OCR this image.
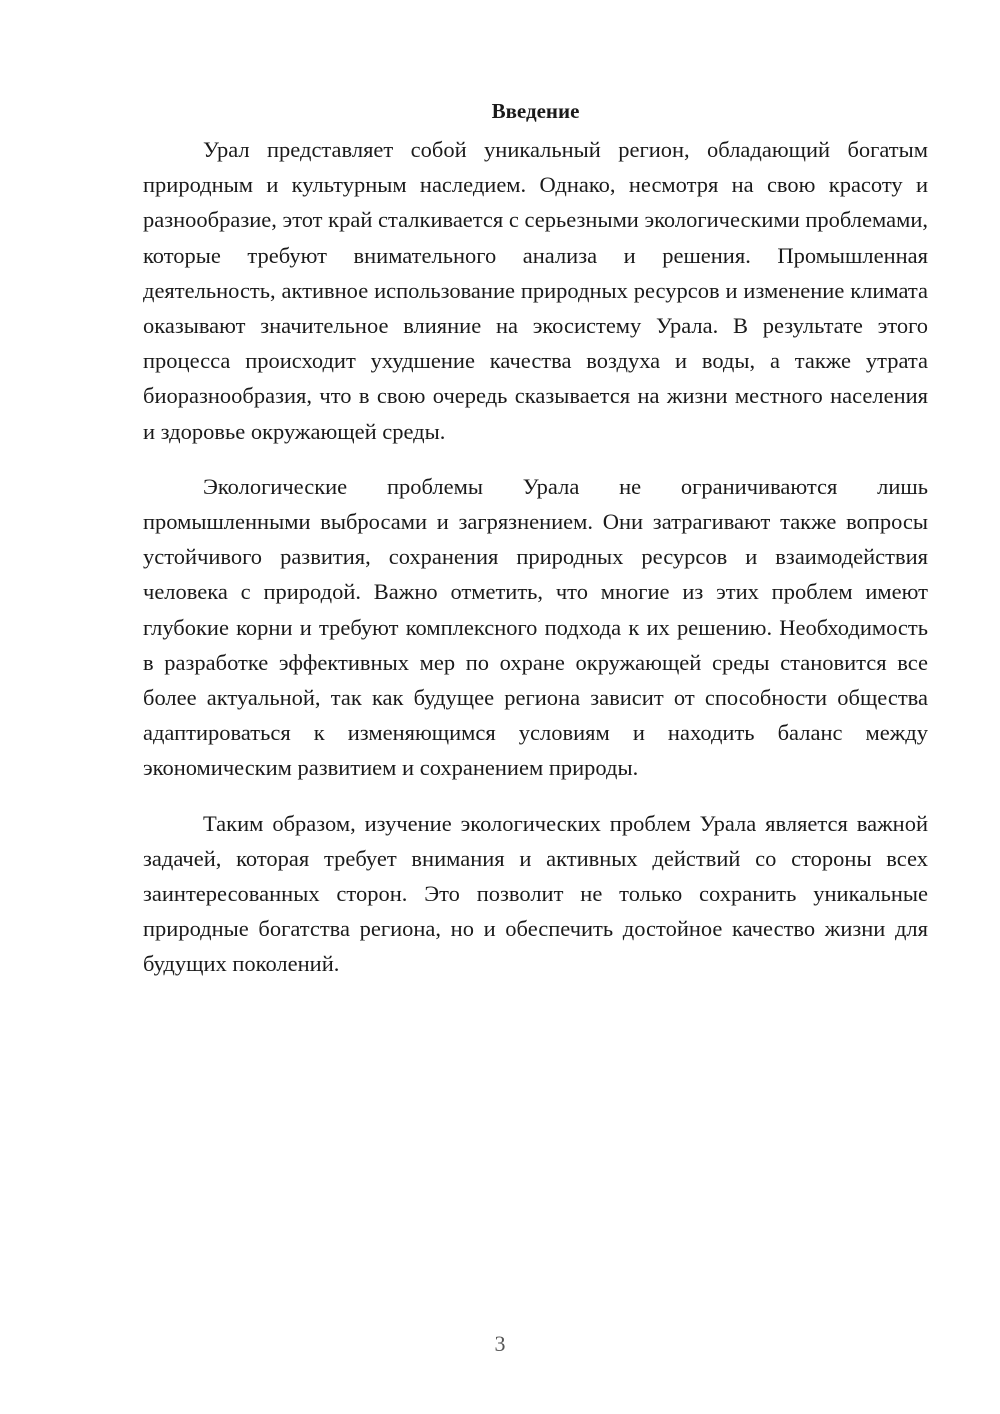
Введение

Урал представляет собой уникальный регион, обладающий богатым природным и культурным наследием. Однако, несмотря на свою красоту и разнообразие, этот край сталкивается с серьезными экологическими проблемами, которые требуют внимательного анализа и решения. Промышленная деятельность, активное использование природных ресурсов и изменение климата оказывают значительное влияние на экосистему Урала. В результате этого процесса происходит ухудшение качества воздуха и воды, а также утрата биоразнообразия, что в свою очередь сказывается на жизни местного населения и здоровье окружающей среды.

Экологические проблемы Урала не ограничиваются лишь промышленными выбросами и загрязнением. Они затрагивают также вопросы устойчивого развития, сохранения природных ресурсов и взаимодействия человека с природой. Важно отметить, что многие из этих проблем имеют глубокие корни и требуют комплексного подхода к их решению. Необходимость в разработке эффективных мер по охране окружающей среды становится все более актуальной, так как будущее региона зависит от способности общества адаптироваться к изменяющимся условиям и находить баланс между экономическим развитием и сохранением природы.

Таким образом, изучение экологических проблем Урала является важной задачей, которая требует внимания и активных действий со стороны всех заинтересованных сторон. Это позволит не только сохранить уникальные природные богатства региона, но и обеспечить достойное качество жизни для будущих поколений.

3
